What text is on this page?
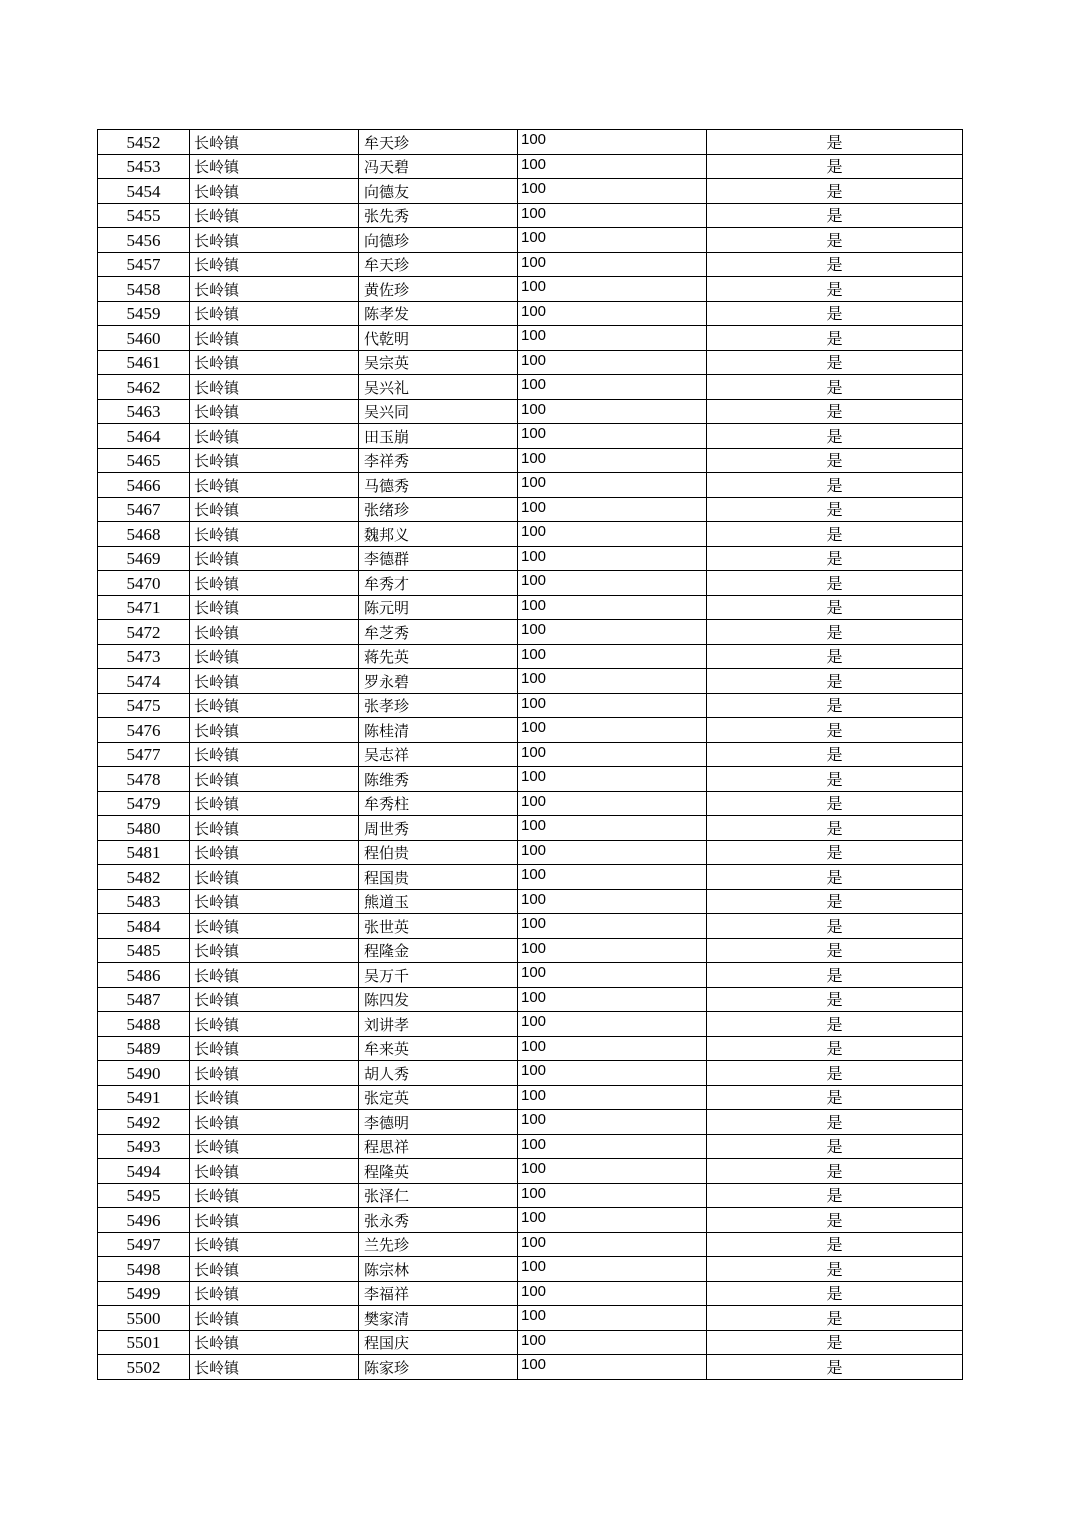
5452	长岭镇	牟天珍	100	是
5453	长岭镇	冯天碧	100	是
5454	长岭镇	向德友	100	是
5455	长岭镇	张先秀	100	是
5456	长岭镇	向德珍	100	是
5457	长岭镇	牟天珍	100	是
5458	长岭镇	黄佐珍	100	是
5459	长岭镇	陈孝发	100	是
5460	长岭镇	代乾明	100	是
5461	长岭镇	吴宗英	100	是
5462	长岭镇	吴兴礼	100	是
5463	长岭镇	吴兴同	100	是
5464	长岭镇	田玉崩	100	是
5465	长岭镇	李祥秀	100	是
5466	长岭镇	马德秀	100	是
5467	长岭镇	张绪珍	100	是
5468	长岭镇	魏邦义	100	是
5469	长岭镇	李德群	100	是
5470	长岭镇	牟秀才	100	是
5471	长岭镇	陈元明	100	是
5472	长岭镇	牟芝秀	100	是
5473	长岭镇	蒋先英	100	是
5474	长岭镇	罗永碧	100	是
5475	长岭镇	张孝珍	100	是
5476	长岭镇	陈桂清	100	是
5477	长岭镇	吴志祥	100	是
5478	长岭镇	陈维秀	100	是
5479	长岭镇	牟秀柱	100	是
5480	长岭镇	周世秀	100	是
5481	长岭镇	程伯贵	100	是
5482	长岭镇	程国贵	100	是
5483	长岭镇	熊道玉	100	是
5484	长岭镇	张世英	100	是
5485	长岭镇	程隆金	100	是
5486	长岭镇	吴万千	100	是
5487	长岭镇	陈四发	100	是
5488	长岭镇	刘讲孝	100	是
5489	长岭镇	牟来英	100	是
5490	长岭镇	胡人秀	100	是
5491	长岭镇	张定英	100	是
5492	长岭镇	李德明	100	是
5493	长岭镇	程思祥	100	是
5494	长岭镇	程隆英	100	是
5495	长岭镇	张泽仁	100	是
5496	长岭镇	张永秀	100	是
5497	长岭镇	兰先珍	100	是
5498	长岭镇	陈宗林	100	是
5499	长岭镇	李福祥	100	是
5500	长岭镇	樊家清	100	是
5501	长岭镇	程国庆	100	是
5502	长岭镇	陈家珍	100	是
